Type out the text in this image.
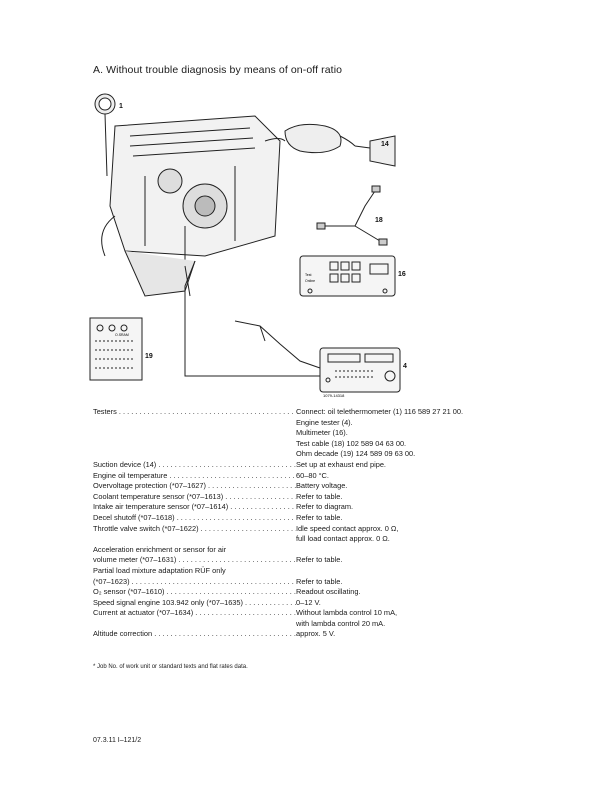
A. Without trouble diagnosis by means of on-off ratio
1
14
18
16
19
4
1079-14318
Test
Online
O.SRAM
Testers . . .	Connect: oil telethermometer (1) 116 589 27 21 00.
Engine tester (4).
Multimeter (16).
Test cable (18) 102 589 04 63 00.
Ohm decade (19) 124 589 09 63 00.
Suction device (14) . . .	Set up at exhaust end pipe.
Engine oil temperature . . .	60–80 °C.
Overvoltage protection (*07–1627) . . .	Battery voltage.
Coolant temperature sensor (*07–1613) . . .	Refer to table.
Intake air temperature sensor (*07–1614) . . .	Refer to diagram.
Decel shutoff (*07–1618) . . .	Refer to table.
Throttle valve switch (*07–1622) . . .	Idle speed contact approx. 0 Ω,
full load contact approx. 0 Ω.
Acceleration enrichment or sensor for air
volume meter (*07–1631) . . .	Refer to table.
Partial load mixture adaptation RÜF only
(*07–1623) . . .	Refer to table.
O₂ sensor (*07–1610) . . .	Readout oscillating.
Speed signal engine 103.942 only (*07–1635) . . .	0–12 V.
Current at actuator (*07–1634) . . .	Without lambda control 10 mA,
with lambda control 20 mA.
Altitude correction . . .	approx. 5 V.
* Job No. of work unit or standard texts and flat rates data.
07.3.11 I–121/2
